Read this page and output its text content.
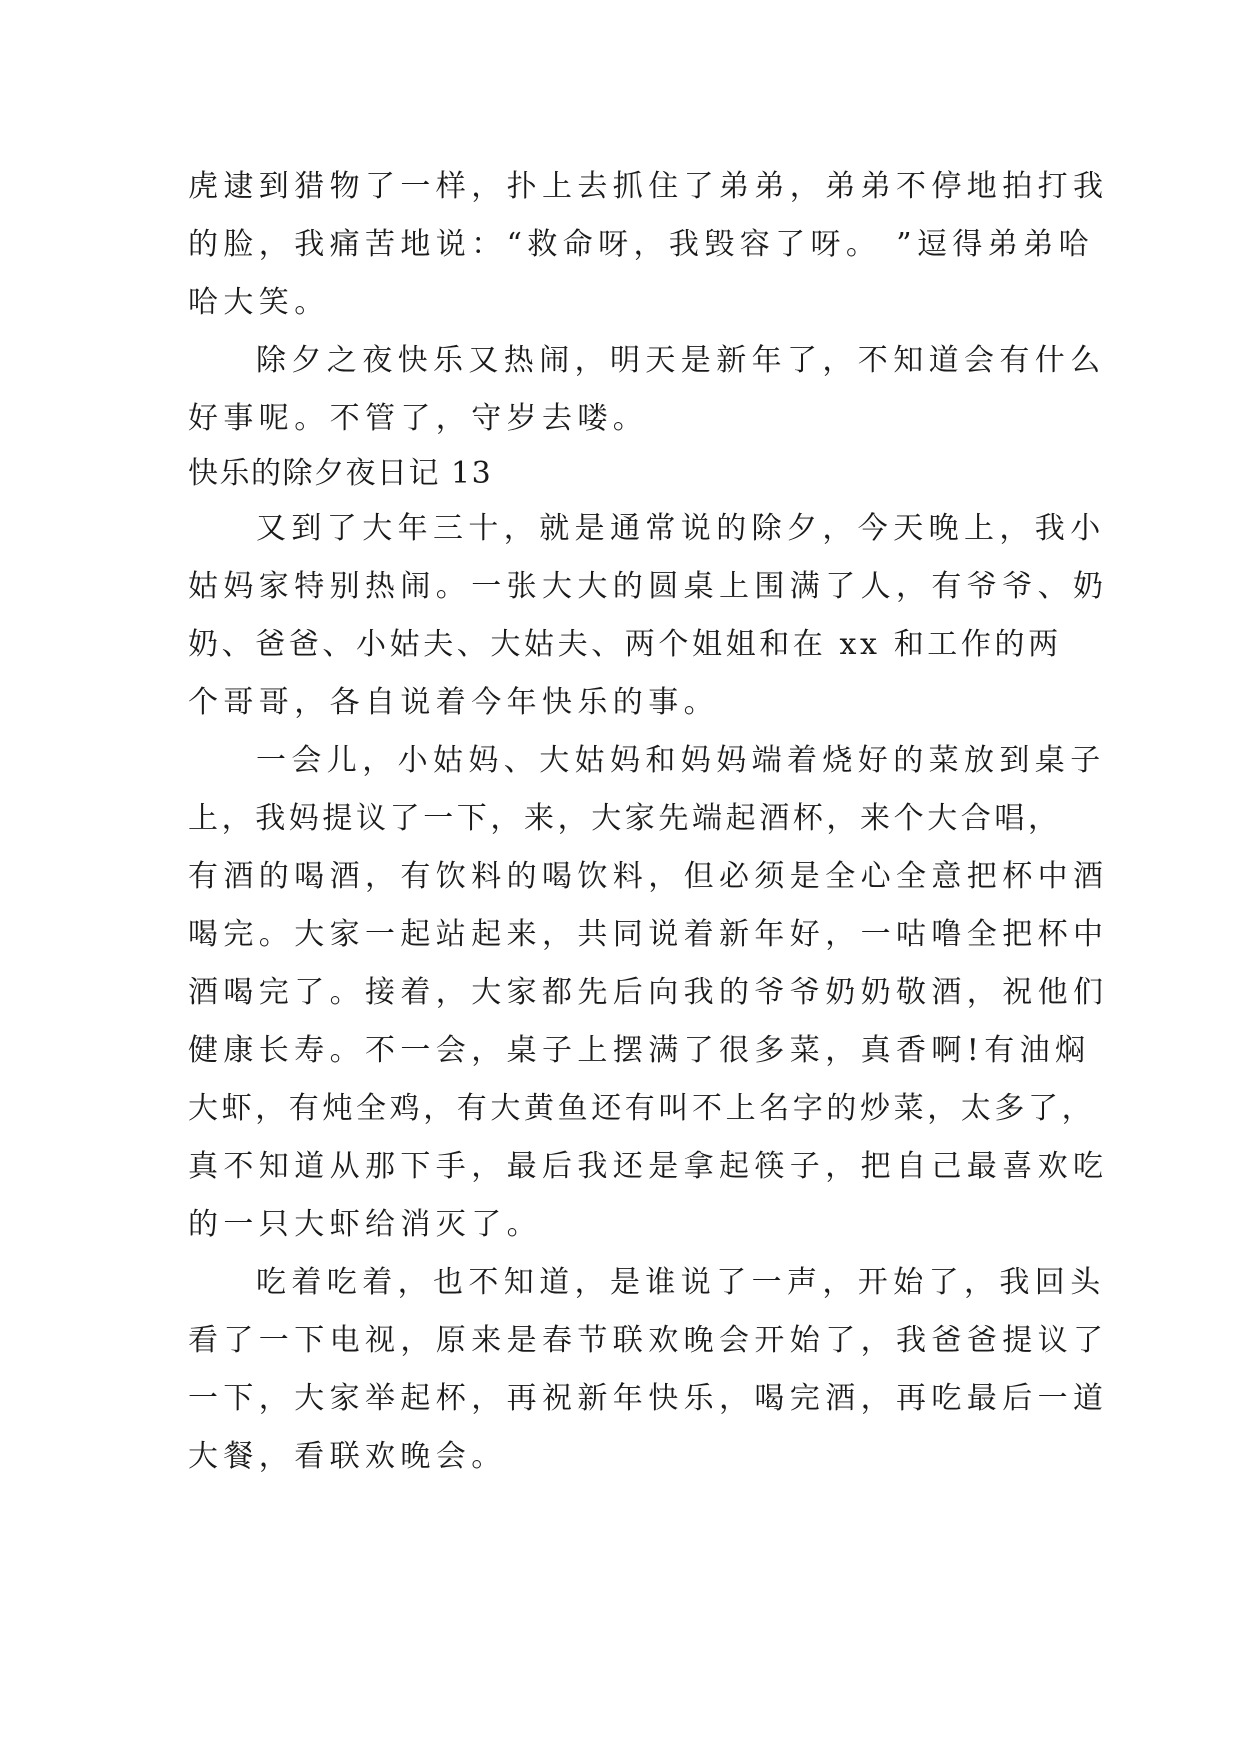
虎逮到猎物了一样，扑上去抓住了弟弟，弟弟不停地拍打我
的脸，我痛苦地说：“救命呀，我毁容了呀。 ”逗得弟弟哈
哈大笑。
除夕之夜快乐又热闹，明天是新年了，不知道会有什么
好事呢。不管了，守岁去喽。
快乐的除夕夜日记 13
又到了大年三十，就是通常说的除夕，今天晚上，我小
姑妈家特别热闹。一张大大的圆桌上围满了人，有爷爷、奶
奶、爸爸、小姑夫、大姑夫、两个姐姐和在 xx 和工作的两
个哥哥，各自说着今年快乐的事。
一会儿，小姑妈、大姑妈和妈妈端着烧好的菜放到桌子
上，我妈提议了一下，来，大家先端起酒杯，来个大合唱，
有酒的喝酒，有饮料的喝饮料，但必须是全心全意把杯中酒
喝完。大家一起站起来，共同说着新年好，一咕噜全把杯中
酒喝完了。接着，大家都先后向我的爷爷奶奶敬酒，祝他们
健康长寿。不一会，桌子上摆满了很多菜，真香啊!有油焖
大虾，有炖全鸡，有大黄鱼还有叫不上名字的炒菜，太多了，
真不知道从那下手，最后我还是拿起筷子，把自己最喜欢吃
的一只大虾给消灭了。
吃着吃着，也不知道，是谁说了一声，开始了，我回头
看了一下电视，原来是春节联欢晚会开始了，我爸爸提议了
一下，大家举起杯，再祝新年快乐，喝完酒，再吃最后一道
大餐，看联欢晚会。
